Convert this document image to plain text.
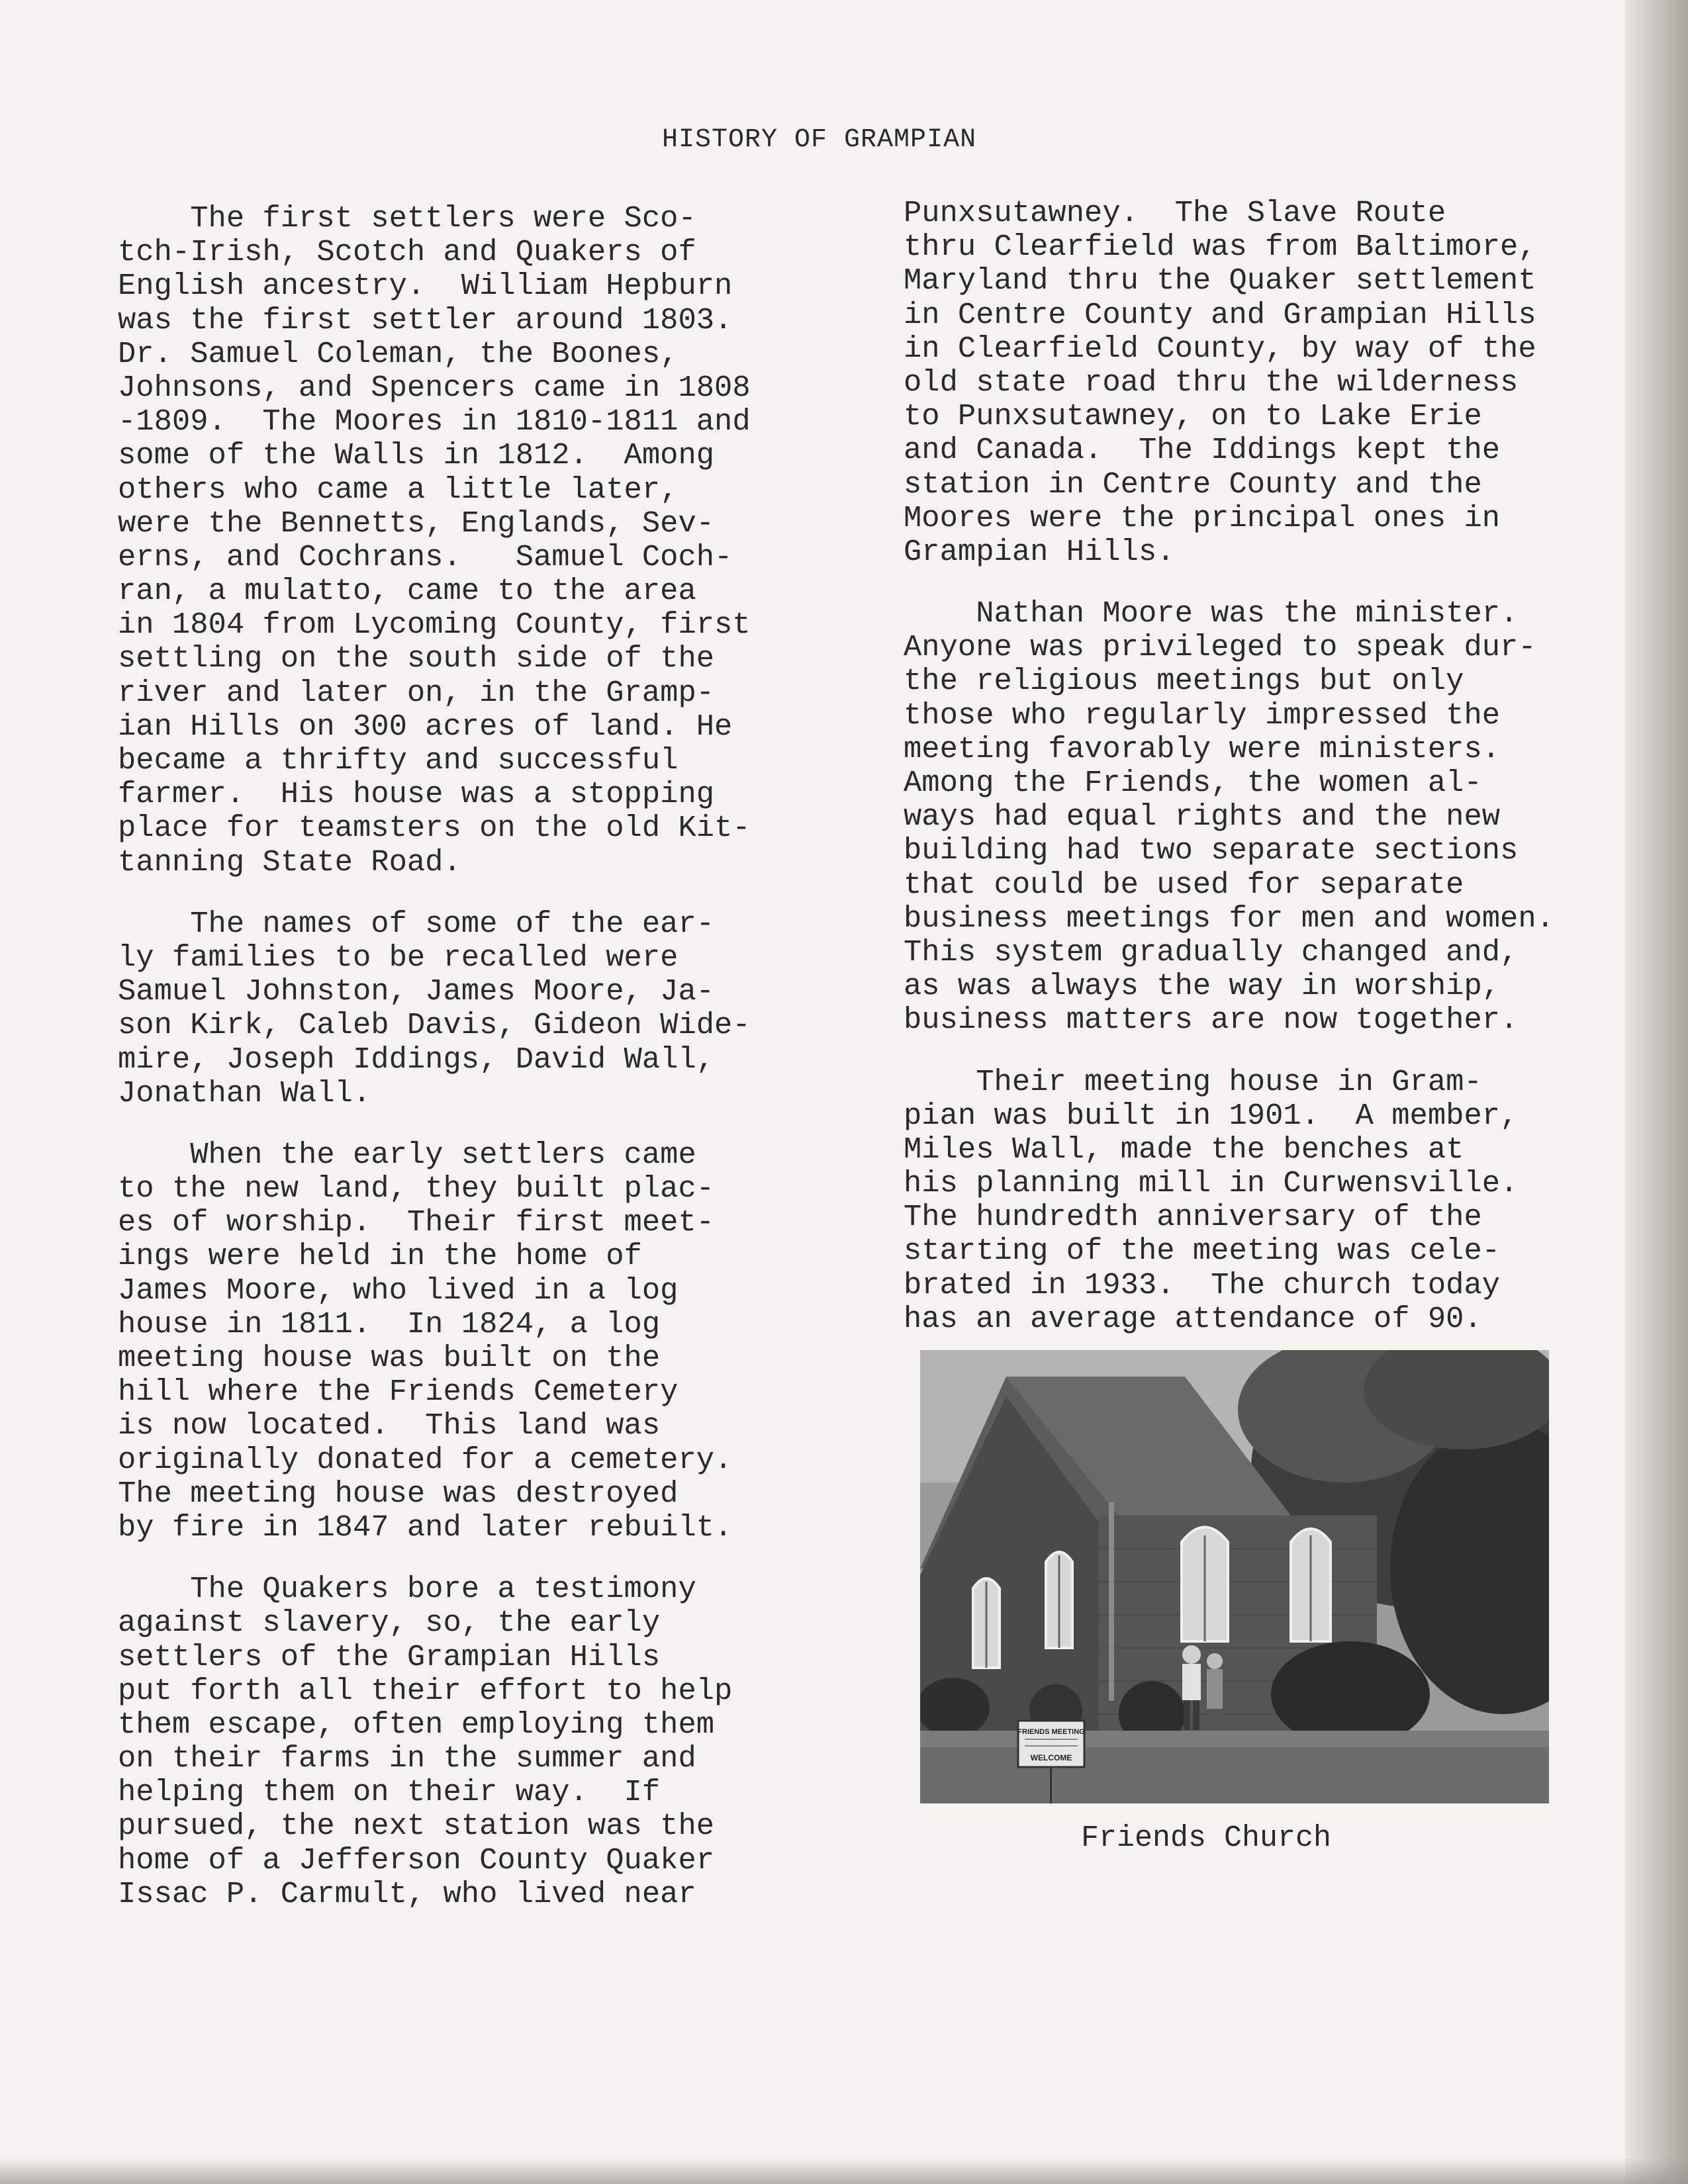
HISTORY OF GRAMPIAN
The first settlers were Sco-
tch-Irish, Scotch and Quakers of
English ancestry.  William Hepburn
was the first settler around 1803.
Dr. Samuel Coleman, the Boones,
Johnsons, and Spencers came in 1808
-1809.  The Moores in 1810-1811 and
some of the Walls in 1812.  Among
others who came a little later,
were the Bennetts, Englands, Sev-
erns, and Cochrans.   Samuel Coch-
ran, a mulatto, came to the area
in 1804 from Lycoming County, first
settling on the south side of the
river and later on, in the Gramp-
ian Hills on 300 acres of land. He
became a thrifty and successful
farmer.  His house was a stopping
place for teamsters on the old Kit-
tanning State Road.
The names of some of the ear-
ly families to be recalled were
Samuel Johnston, James Moore, Ja-
son Kirk, Caleb Davis, Gideon Wide-
mire, Joseph Iddings, David Wall,
Jonathan Wall.
When the early settlers came
to the new land, they built plac-
es of worship.  Their first meet-
ings were held in the home of
James Moore, who lived in a log
house in 1811.  In 1824, a log
meeting house was built on the
hill where the Friends Cemetery
is now located.  This land was
originally donated for a cemetery.
The meeting house was destroyed
by fire in 1847 and later rebuilt.
The Quakers bore a testimony
against slavery, so, the early
settlers of the Grampian Hills
put forth all their effort to help
them escape, often employing them
on their farms in the summer and
helping them on their way.  If
pursued, the next station was the
home of a Jefferson County Quaker
Issac P. Carmult, who lived near
Punxsutawney.  The Slave Route
thru Clearfield was from Baltimore,
Maryland thru the Quaker settlement
in Centre County and Grampian Hills
in Clearfield County, by way of the
old state road thru the wilderness
to Punxsutawney, on to Lake Erie
and Canada.  The Iddings kept the
station in Centre County and the
Moores were the principal ones in
Grampian Hills.
Nathan Moore was the minister.
Anyone was privileged to speak dur-
the religious meetings but only
those who regularly impressed the
meeting favorably were ministers.
Among the Friends, the women al-
ways had equal rights and the new
building had two separate sections
that could be used for separate
business meetings for men and women.
This system gradually changed and,
as was always the way in worship,
business matters are now together.
Their meeting house in Gram-
pian was built in 1901.  A member,
Miles Wall, made the benches at
his planning mill in Curwensville.
The hundredth anniversary of the
starting of the meeting was cele-
brated in 1933.  The church today
has an average attendance of 90.
FRIENDS MEETING
WELCOME
Friends Church
